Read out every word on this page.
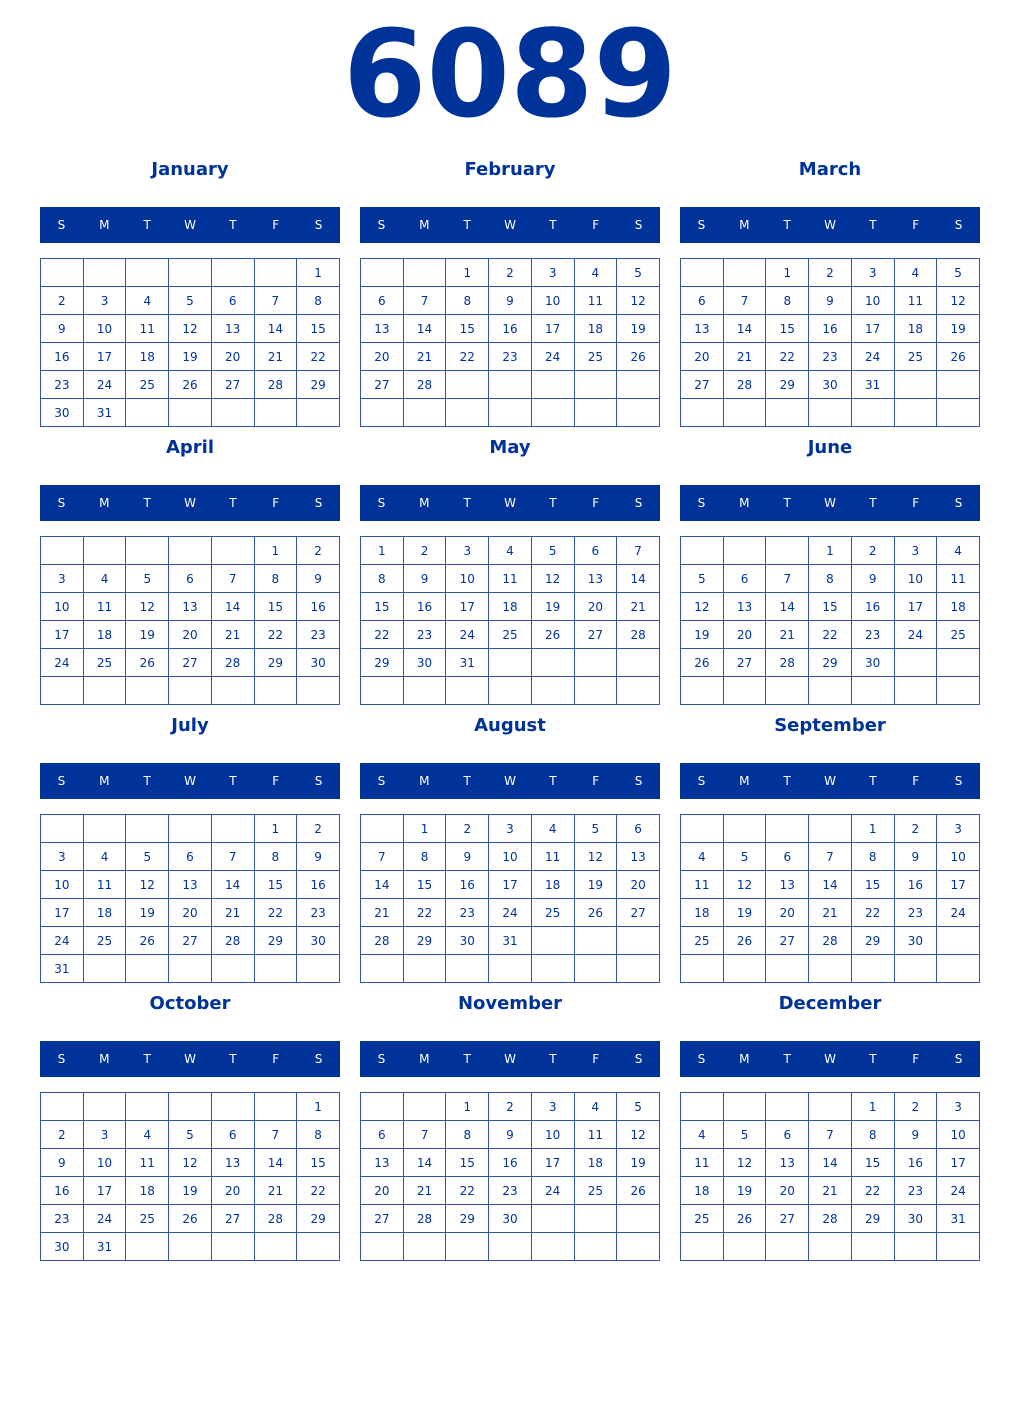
6089
January
S	M	T	W	T	F	S
						1
2	3	4	5	6	7	8
9	10	11	12	13	14	15
16	17	18	19	20	21	22
23	24	25	26	27	28	29
30	31					
February
S	M	T	W	T	F	S
		1	2	3	4	5
6	7	8	9	10	11	12
13	14	15	16	17	18	19
20	21	22	23	24	25	26
27	28					

March
S	M	T	W	T	F	S
		1	2	3	4	5
6	7	8	9	10	11	12
13	14	15	16	17	18	19
20	21	22	23	24	25	26
27	28	29	30	31		

April
S	M	T	W	T	F	S
					1	2
3	4	5	6	7	8	9
10	11	12	13	14	15	16
17	18	19	20	21	22	23
24	25	26	27	28	29	30

May
S	M	T	W	T	F	S
1	2	3	4	5	6	7
8	9	10	11	12	13	14
15	16	17	18	19	20	21
22	23	24	25	26	27	28
29	30	31				

June
S	M	T	W	T	F	S
			1	2	3	4
5	6	7	8	9	10	11
12	13	14	15	16	17	18
19	20	21	22	23	24	25
26	27	28	29	30		

July
S	M	T	W	T	F	S
					1	2
3	4	5	6	7	8	9
10	11	12	13	14	15	16
17	18	19	20	21	22	23
24	25	26	27	28	29	30
31						
August
S	M	T	W	T	F	S
	1	2	3	4	5	6
7	8	9	10	11	12	13
14	15	16	17	18	19	20
21	22	23	24	25	26	27
28	29	30	31			

September
S	M	T	W	T	F	S
				1	2	3
4	5	6	7	8	9	10
11	12	13	14	15	16	17
18	19	20	21	22	23	24
25	26	27	28	29	30	

October
S	M	T	W	T	F	S
						1
2	3	4	5	6	7	8
9	10	11	12	13	14	15
16	17	18	19	20	21	22
23	24	25	26	27	28	29
30	31					
November
S	M	T	W	T	F	S
		1	2	3	4	5
6	7	8	9	10	11	12
13	14	15	16	17	18	19
20	21	22	23	24	25	26
27	28	29	30			

December
S	M	T	W	T	F	S
				1	2	3
4	5	6	7	8	9	10
11	12	13	14	15	16	17
18	19	20	21	22	23	24
25	26	27	28	29	30	31
